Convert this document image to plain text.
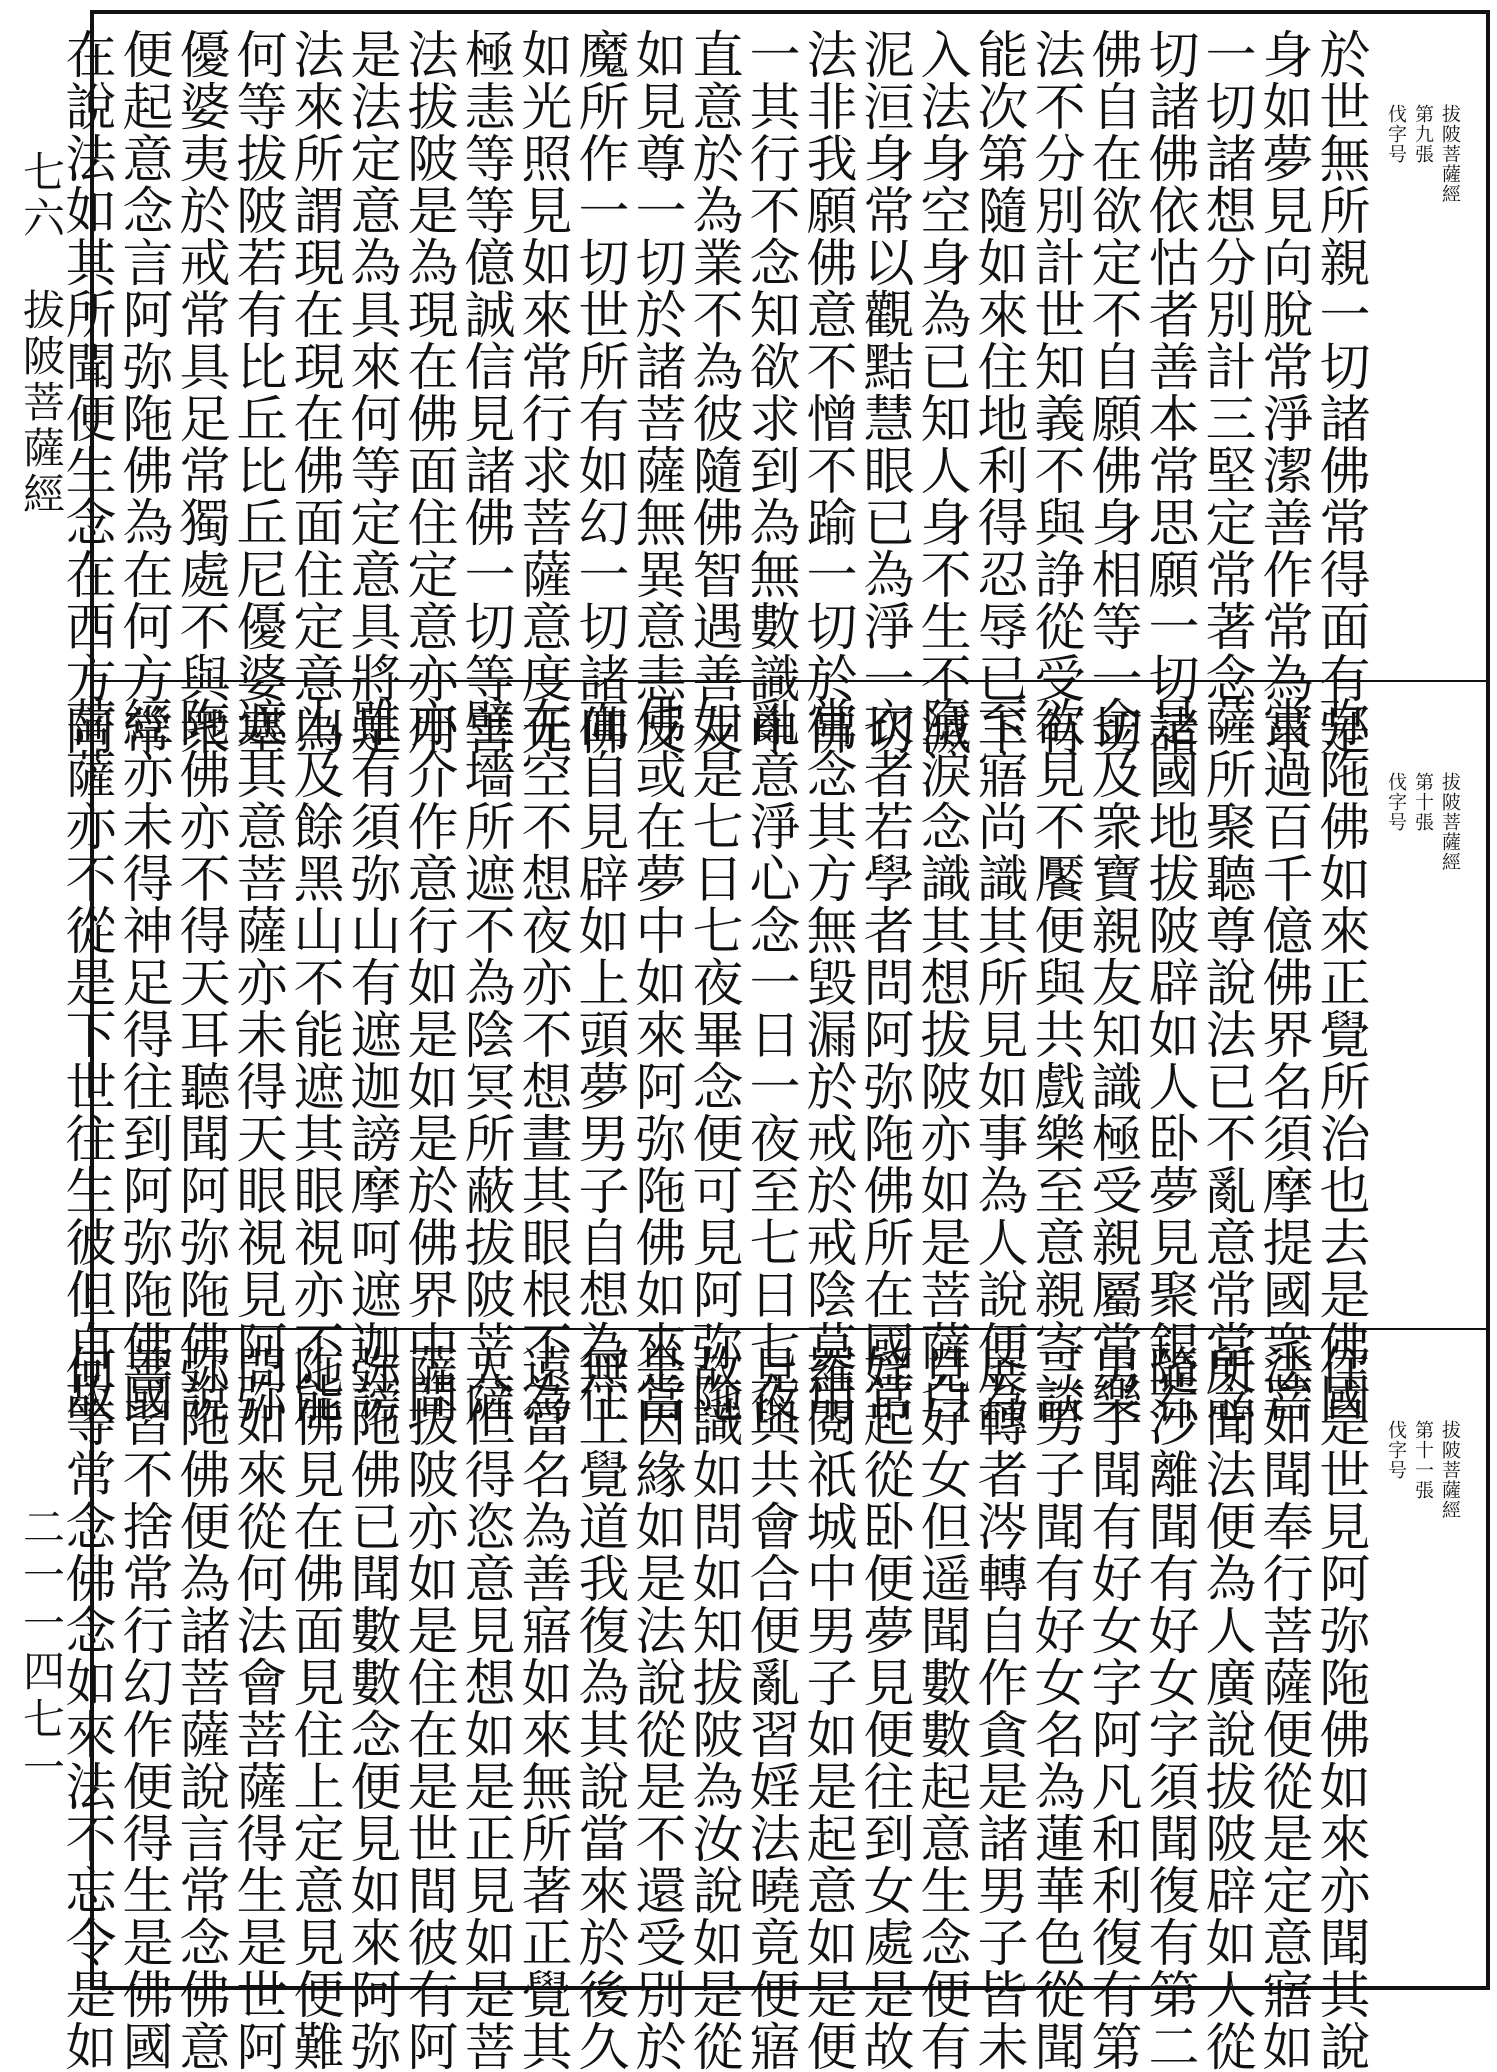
七六　拔陂菩薩經
二一一四七一
拔陂菩薩經
第九張
伐字号
於世無所親一切諸佛常得面有是
身如夢見向脫常淨潔善作常為求
一切諸想分別計三堅定常著念一
切諸佛依怙者善本常思願一切諸
佛自在欲定不自願佛身相等一切
法不分別計世知義不與諍從受有
能次第隨如來住地利得忍辱已下
入法身空身為已知人身不生不滅
泥洹身常以觀黠慧眼已為淨一切
法非我願佛意不憎不踰一切於佛
一其行不念知欲求到為無數識申
直意於為業不為彼隨佛智遇善友
如見尊一切於諸菩薩無異意恚反
魔所作一切世所有如幻一切諸佛
如光照見如來常行求菩薩意度无
極恚等等億誠信見諸佛一切等善
法拔陂是為現在佛面住定意亦用
是法定意為具來何等定意具將是
法來所謂現在現在佛面住定意為
何等拔陂若有比丘比丘尼優婆塞
優婆夷於戒常具足常獨處不與衆
便起意念言阿弥陁佛為在何方常
在說法如其所聞便生念在西方阿
拔陂菩薩經
第十張
伐字号
弥陁佛如來正覺所治也去是佛國
當過百千億佛界名須摩提國衆菩
薩所聚聽尊說法已不亂意常當念
是國地拔陂辟如人卧夢見聚銀若
金及衆寶親友知識極受親屬常樂
欲見不饜便與共戲樂至意親寄談
至寤尚識其所見如事為人說便為
墮淚念識其想拔陂亦如是菩薩白
衣者若學者問阿弥陁佛所在國常
當念其方無毀漏於戒於戒陰莫用
亂意淨心念一日一夜至七日七夜
如是七日七夜畢念便可見阿弥陁
佛或在夢中如來阿弥陁佛如來當
面自見辟如上頭夢男子自想為住
在空不想夜亦不想晝其眼根不為
壁墻所遮不為陰冥所蔽拔陂菩薩
亦介作意行如是如是於佛界中間
雖有須弥山有遮迦謗摩呵遮迦謗
山及餘黑山不能遮其眼視亦不能
遮其意菩薩亦未得天眼視見阿弥
陁佛亦不得天耳聽聞阿弥陁佛說
經亦未得神足得往到阿弥陁佛國
菩薩亦不從是下世往生彼但自故
拔陂菩薩經
第十一張
伐字号
住是世見阿弥陁佛如來亦聞其說
法如聞奉行菩薩便從是定意寤如
所聞法便為人廣說拔陂辟如人從
隨沙離聞有好女字須聞復有第二
男子聞有好女字阿凡和利復有第
三男子聞有好女名為蓮華色從聞
展轉者涔轉自作貪是諸男子皆未
見好女但遥聞數數起意生念便有
婬起從卧便夢見便往到女處是故
羅閱祇城中男子如是起意如是便
見與共會合便亂習婬法曉竟便寤
故識如問如知拔陂為汝說如是從
是因緣如是法說從是不還受別於
無上覺道我復為其說當來於後久
遠當名為善寤如來無所著正覺其
人但得恣意見想如是正見如是菩
薩拔陂亦如是住在是世間彼有阿
弥陁佛已聞數數念便見如來阿弥
陁佛見在佛面見住上定意見便難
問如來從何法會菩薩得生是世阿
弥陁佛便為諸菩薩說言常念佛意
善習不捨常行幻作便得生是佛國
何等常念佛念如來法不忘令是如
